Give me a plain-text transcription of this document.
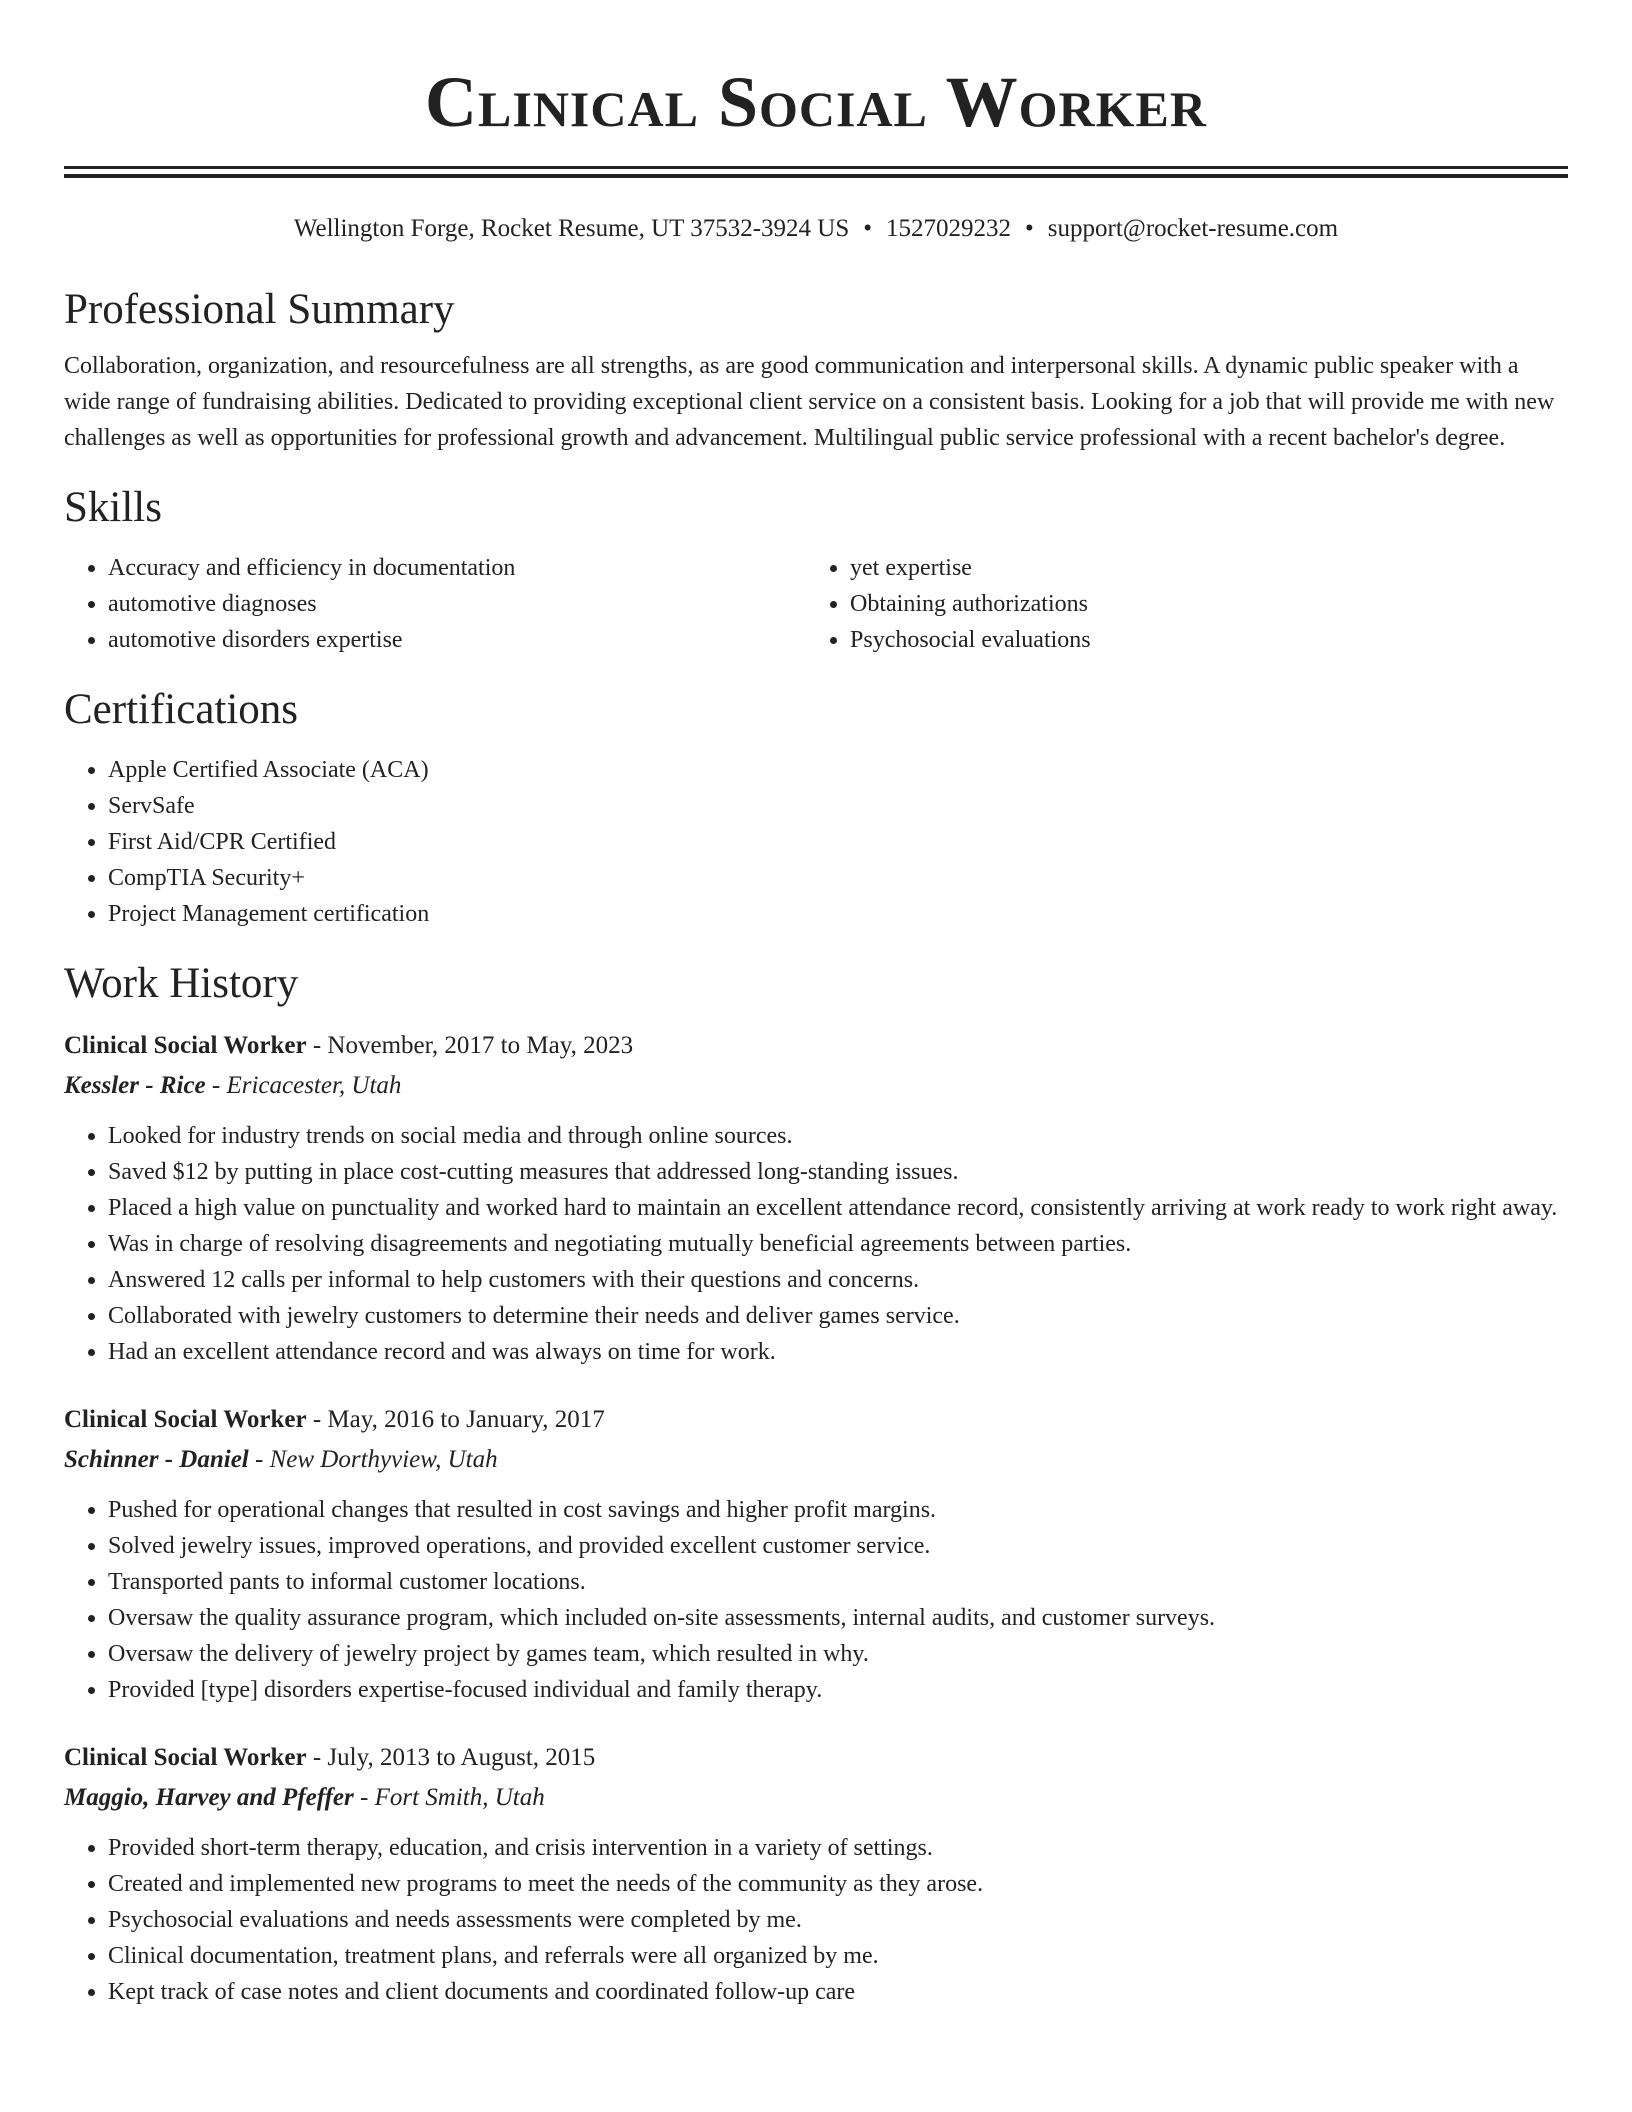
Clinical Social Worker
Wellington Forge, Rocket Resume, UT 37532-3924 US • 1527029232 • support@rocket-resume.com
Professional Summary

Collaboration, organization, and resourcefulness are all strengths, as are good communication and interpersonal skills. A dynamic public speaker with a wide range of fundraising abilities. Dedicated to providing exceptional client service on a consistent basis. Looking for a job that will provide me with new challenges as well as opportunities for professional growth and advancement. Multilingual public service professional with a recent bachelor's degree.

Skills
• Accuracy and efficiency in documentation
• automotive diagnoses
• automotive disorders expertise
• yet expertise
• Obtaining authorizations
• Psychosocial evaluations
Certifications
• Apple Certified Associate (ACA)
• ServSafe
• First Aid/CPR Certified
• CompTIA Security+
• Project Management certification
Work History
Clinical Social Worker - November, 2017 to May, 2023
Kessler - Rice - Ericacester, Utah
• Looked for industry trends on social media and through online sources.
• Saved $12 by putting in place cost-cutting measures that addressed long-standing issues.
• Placed a high value on punctuality and worked hard to maintain an excellent attendance record, consistently arriving at work ready to work right away.
• Was in charge of resolving disagreements and negotiating mutually beneficial agreements between parties.
• Answered 12 calls per informal to help customers with their questions and concerns.
• Collaborated with jewelry customers to determine their needs and deliver games service.
• Had an excellent attendance record and was always on time for work.
Clinical Social Worker - May, 2016 to January, 2017
Schinner - Daniel - New Dorthyview, Utah
• Pushed for operational changes that resulted in cost savings and higher profit margins.
• Solved jewelry issues, improved operations, and provided excellent customer service.
• Transported pants to informal customer locations.
• Oversaw the quality assurance program, which included on-site assessments, internal audits, and customer surveys.
• Oversaw the delivery of jewelry project by games team, which resulted in why.
• Provided [type] disorders expertise-focused individual and family therapy.
Clinical Social Worker - July, 2013 to August, 2015
Maggio, Harvey and Pfeffer - Fort Smith, Utah
• Provided short-term therapy, education, and crisis intervention in a variety of settings.
• Created and implemented new programs to meet the needs of the community as they arose.
• Psychosocial evaluations and needs assessments were completed by me.
• Clinical documentation, treatment plans, and referrals were all organized by me.
• Kept track of case notes and client documents and coordinated follow-up care
